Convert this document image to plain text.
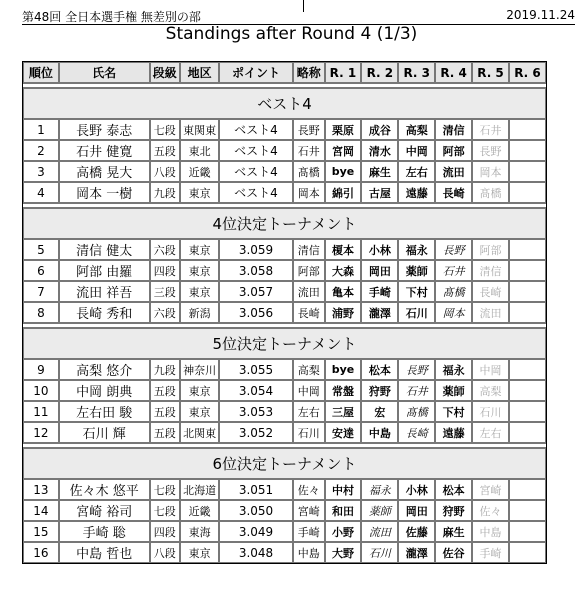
第48回 全日本選手権 無差別の部	2019.11.24
Standings after Round 4 (1/3)
順位	氏名	段級	地区	ポイント	略称	R. 1	R. 2	R. 3	R. 4	R. 5	R. 6

ベスト4											
1	長野 泰志	七段	東関東	ベスト4	長野	栗原	成谷	高梨	清信	石井	
2	石井 健寛	五段	東北	ベスト4	石井	宮岡	清水	中岡	阿部	長野	
3	高橋 晃大	八段	近畿	ベスト4	髙橋	bye	麻生	左右	流田	岡本	
4	岡本 一樹	九段	東京	ベスト4	岡本	綿引	古屋	遠藤	長崎	髙橋	

4位決定トーナメント											
5	清信 健太	六段	東京	3.059	清信	榎本	小林	福永	長野	阿部	
6	阿部 由羅	四段	東京	3.058	阿部	大森	岡田	薬師	石井	清信	
7	流田 祥吾	三段	東京	3.057	流田	亀本	手崎	下村	髙橋	長崎	
8	長崎 秀和	六段	新潟	3.056	長崎	浦野	瀧澤	石川	岡本	流田	

5位決定トーナメント											
9	高梨 悠介	九段	神奈川	3.055	高梨	bye	松本	長野	福永	中岡	
10	中岡 朗典	五段	東京	3.054	中岡	常盤	狩野	石井	薬師	高梨	
11	左右田 駿	五段	東京	3.053	左右	三屋	宏	髙橋	下村	石川	
12	石川 輝	五段	北関東	3.052	石川	安達	中島	長崎	遠藤	左右	

6位決定トーナメント											
13	佐々木 悠平	七段	北海道	3.051	佐々	中村	福永	小林	松本	宮崎	
14	宮崎 裕司	七段	近畿	3.050	宮崎	和田	薬師	岡田	狩野	佐々	
15	手崎 聡	四段	東海	3.049	手崎	小野	流田	佐藤	麻生	中島	
16	中島 哲也	八段	東京	3.048	中島	大野	石川	瀧澤	佐谷	手崎	
